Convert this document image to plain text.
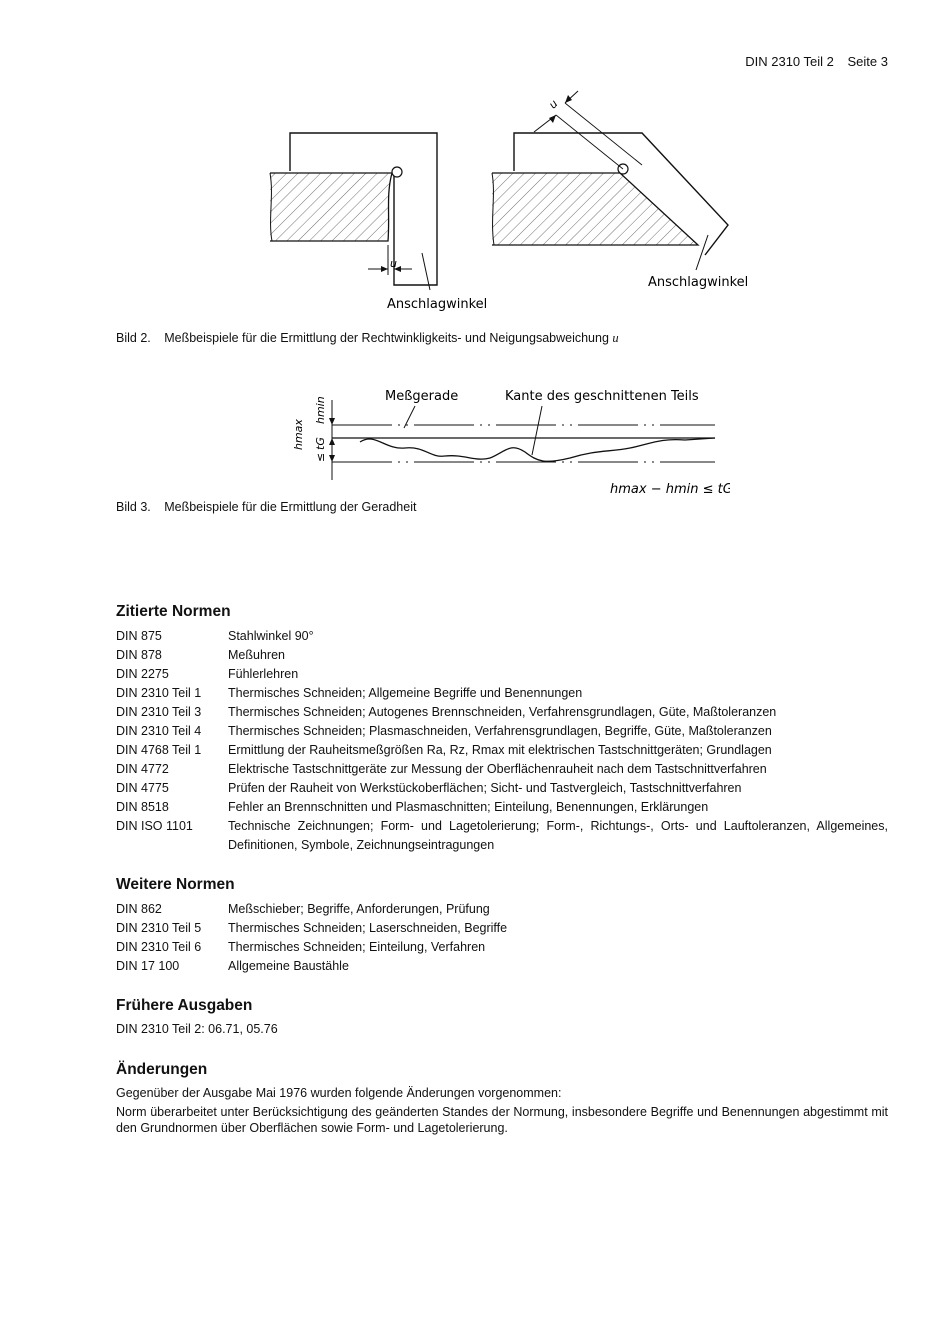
DIN 2310 Teil 2 Seite 3
u
Anschlagwinkel
u
Anschlagwinkel
Bild 2. Meßbeispiele für die Ermittlung der Rechtwinkligkeits- und Neigungsabweichung u
Meßgerade	Kante des geschnittenen Teils
hmin
hmax tG
≤
hmax − hmin ≤ tG
Bild 3. Meßbeispiele für die Ermittlung der Geradheit
Zitierte Normen
DIN 875	Stahlwinkel 90°
DIN 878	Meßuhren
DIN 2275	Fühlerlehren
DIN 2310 Teil 1	Thermisches Schneiden; Allgemeine Begriffe und Benennungen
DIN 2310 Teil 3	Thermisches Schneiden; Autogenes Brennschneiden, Verfahrensgrundlagen, Güte, Maßtoleranzen
DIN 2310 Teil 4	Thermisches Schneiden; Plasmaschneiden, Verfahrensgrundlagen, Begriffe, Güte, Maßtoleranzen
DIN 4768 Teil 1	Ermittlung der Rauheitsmeßgrößen Ra, Rz, Rmax mit elektrischen Tastschnittgeräten; Grundlagen
DIN 4772	Elektrische Tastschnittgeräte zur Messung der Oberflächenrauheit nach dem Tastschnittverfahren
DIN 4775	Prüfen der Rauheit von Werkstückoberflächen; Sicht- und Tastvergleich, Tastschnittverfahren
DIN 8518	Fehler an Brennschnitten und Plasmaschnitten; Einteilung, Benennungen, Erklärungen
DIN ISO 1101	Technische Zeichnungen; Form- und Lagetolerierung; Form-, Richtungs-, Orts- und Lauftoleranzen, Allgemeines, Definitionen, Symbole, Zeichnungseintragungen
Weitere Normen
DIN 862	Meßschieber; Begriffe, Anforderungen, Prüfung
DIN 2310 Teil 5	Thermisches Schneiden; Laserschneiden, Begriffe
DIN 2310 Teil 6	Thermisches Schneiden; Einteilung, Verfahren
DIN 17 100	Allgemeine Baustähle
Frühere Ausgaben

DIN 2310 Teil 2: 06.71, 05.76

Änderungen

Gegenüber der Ausgabe Mai 1976 wurden folgende Änderungen vorgenommen:

Norm überarbeitet unter Berücksichtigung des geänderten Standes der Normung, insbesondere Begriffe und Benennungen abgestimmt mit den Grundnormen über Oberflächen sowie Form- und Lagetolerierung.
